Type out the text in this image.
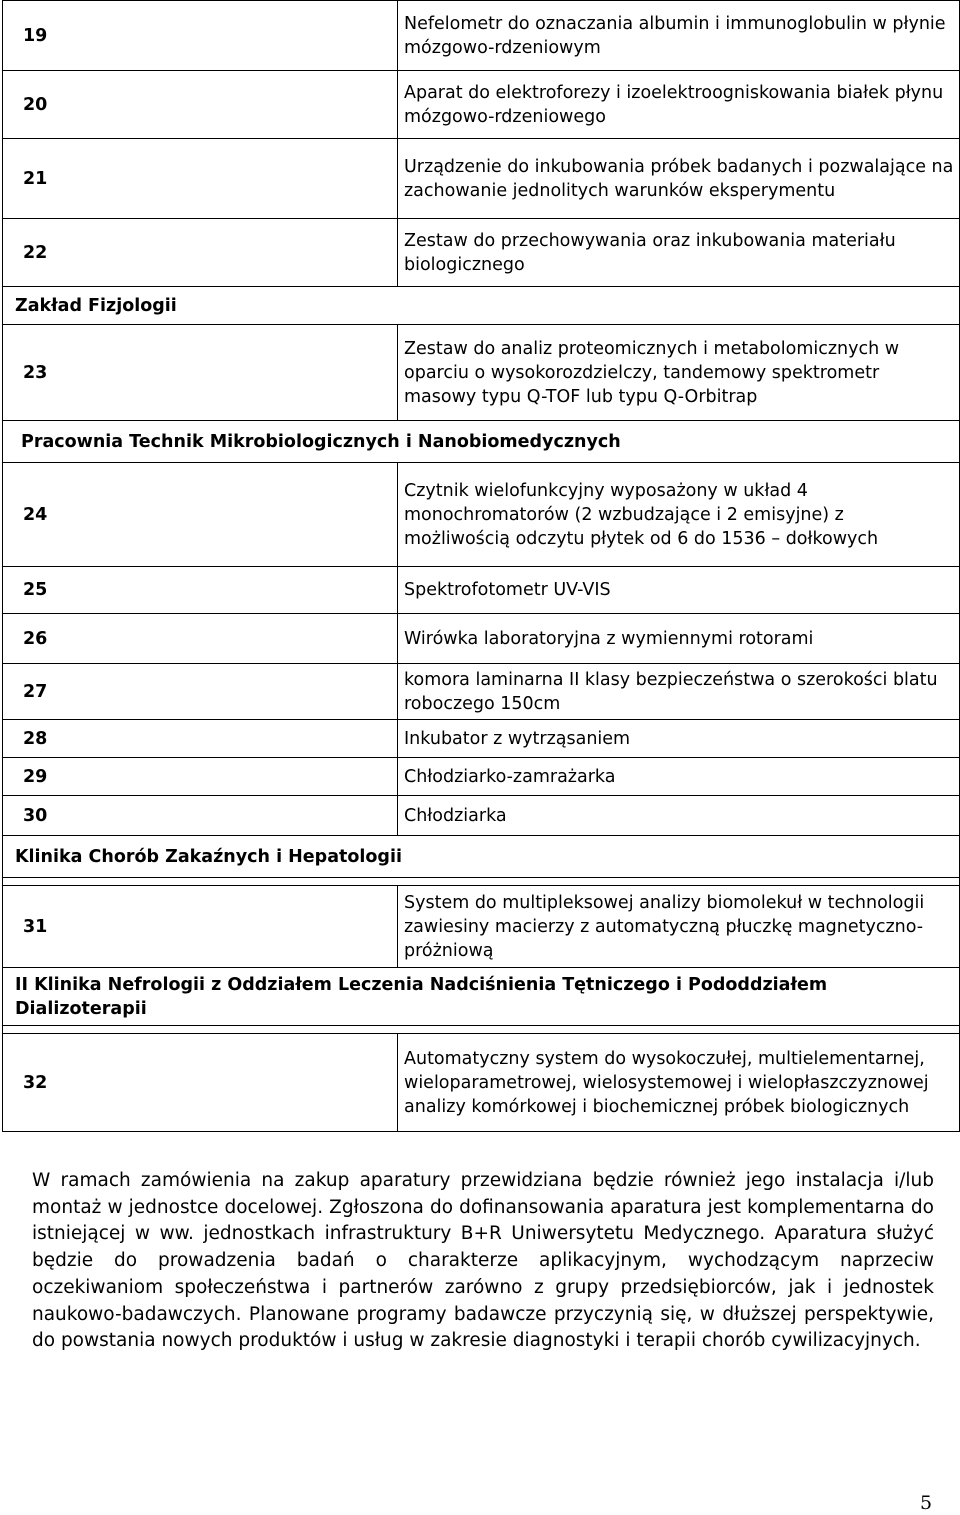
19	Nefelometr do oznaczania albumin i immunoglobulin w płynie mózgowo-rdzeniowym
20	Aparat do elektroforezy i izoelektroogniskowania białek płynu mózgowo-rdzeniowego
21	Urządzenie do inkubowania próbek badanych i pozwalające na zachowanie jednolitych warunków eksperymentu
22	Zestaw do przechowywania oraz inkubowania materiału biologicznego
Zakład Fizjologii	
23	Zestaw do analiz proteomicznych i metabolomicznych w oparciu o wysokorozdzielczy, tandemowy spektrometr masowy typu Q-TOF lub typu Q-Orbitrap
Pracownia Technik Mikrobiologicznych i Nanobiomedycznych	
24	Czytnik wielofunkcyjny wyposażony w układ 4 monochromatorów (2 wzbudzające i 2 emisyjne) z możliwością odczytu płytek od 6 do 1536 – dołkowych
25	Spektrofotometr UV-VIS
26	Wirówka laboratoryjna z wymiennymi rotorami
27	komora laminarna II klasy bezpieczeństwa o szerokości blatu roboczego 150cm
28	Inkubator z wytrząsaniem
29	Chłodziarko-zamrażarka
30	Chłodziarka
Klinika Chorób Zakaźnych i Hepatologii	

31	System do multipleksowej analizy biomolekuł w technologii zawiesiny macierzy z automatyczną płuczkę magnetyczno-próżniową
II Klinika Nefrologii z Oddziałem Leczenia Nadciśnienia Tętniczego i Pododdziałem Dializoterapii	

32	Automatyczny system do wysokoczułej, multielementarnej, wieloparametrowej, wielosystemowej i wielopłaszczyznowej analizy komórkowej i biochemicznej próbek biologicznych

W ramach zamówienia na zakup aparatury przewidziana będzie również jego instalacja i/lub montaż w jednostce docelowej. Zgłoszona do dofinansowania aparatura jest komplementarna do istniejącej w ww. jednostkach infrastruktury B+R Uniwersytetu Medycznego. Aparatura służyć będzie do prowadzenia badań o charakterze aplikacyjnym, wychodzącym naprzeciw oczekiwaniom społeczeństwa i partnerów zarówno z grupy przedsiębiorców, jak i jednostek naukowo-badawczych. Planowane programy badawcze przyczynią się, w dłuższej perspektywie, do powstania nowych produktów i usług w zakresie diagnostyki i terapii chorób cywilizacyjnych.

5
